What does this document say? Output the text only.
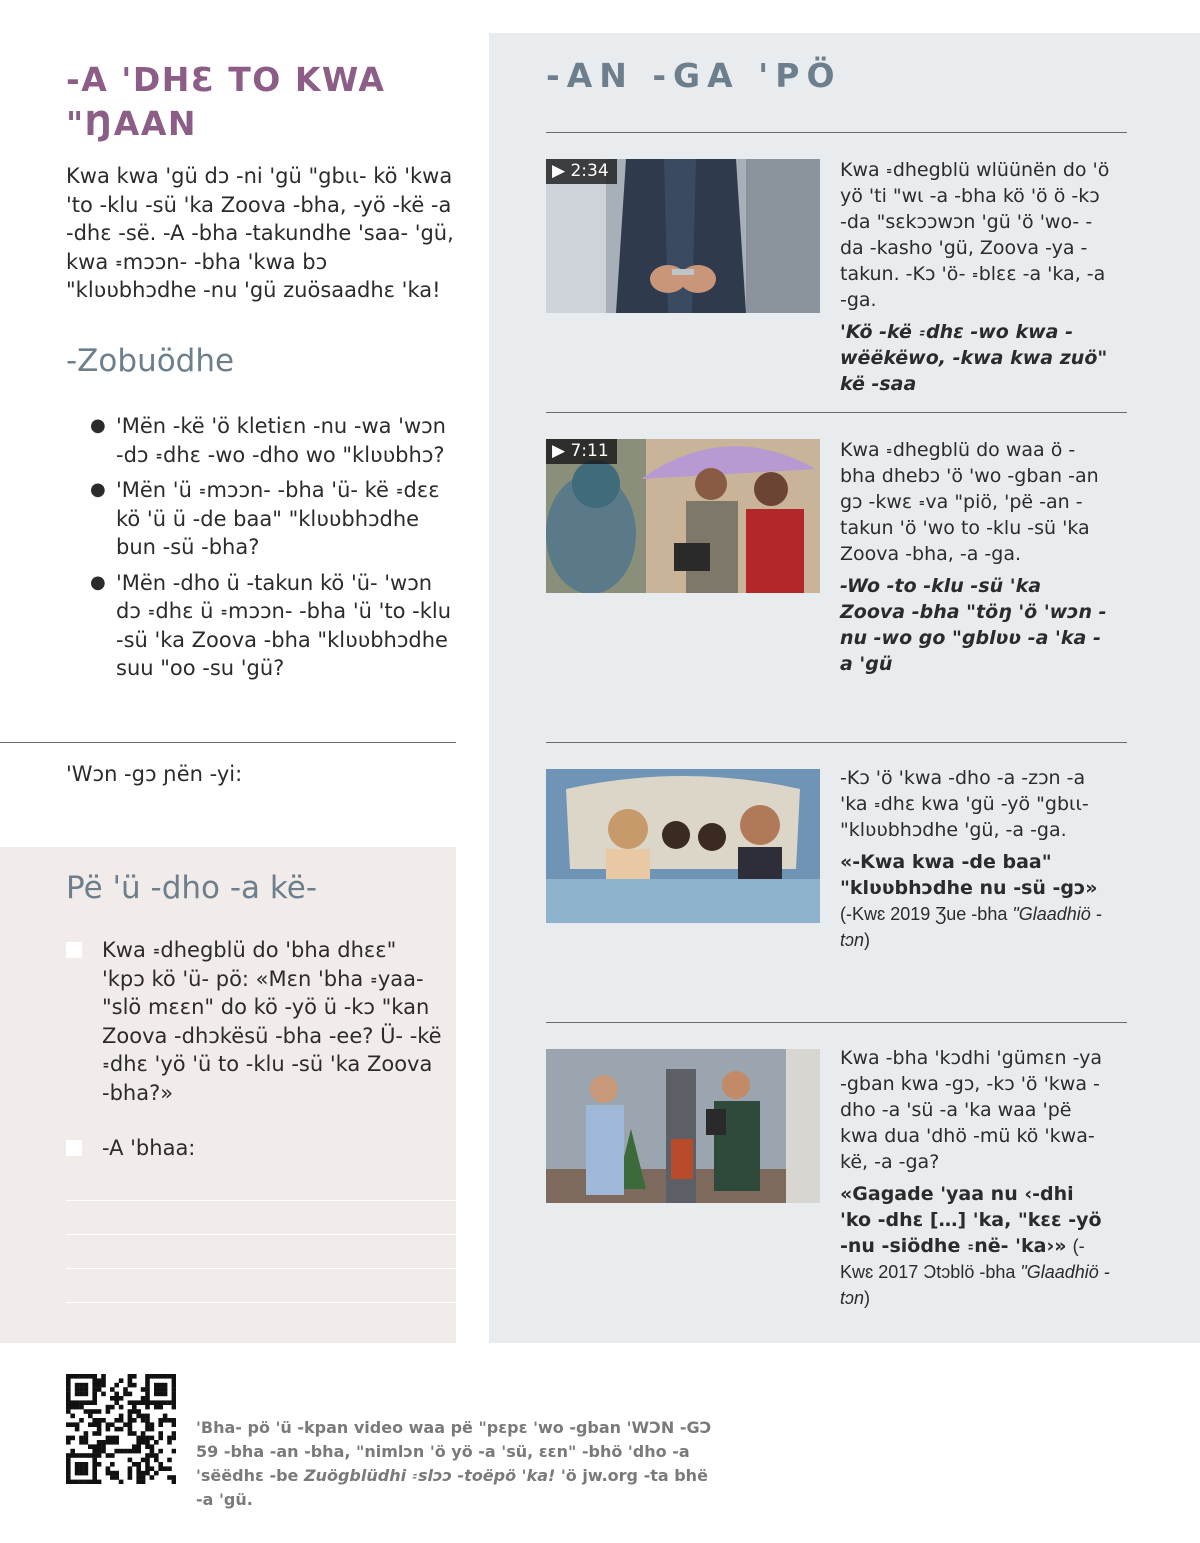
-A 'DHƐ TO KWA "ŊAAN

Kwa kwa 'gü dɔ -ni 'gü "gbɩɩ- kö 'kwa 'to -klu -sü 'ka Zoova -bha, -yö -kë -a -dhɛ -së. -A -bha -takundhe 'saa- 'gü, kwa ꞊mɔɔn- -bha 'kwa bɔ "klʋʋbhɔdhe -nu 'gü zuösaadhɛ 'ka!

-Zobuödhe
● 'Mën -kë 'ö kletiɛn -nu -wa 'wɔn -dɔ ꞊dhɛ -wo -dho wo "klʋʋbhɔ?
● 'Mën 'ü ꞊mɔɔn- -bha 'ü- kë ꞊dɛɛ kö 'ü ü -de baa" "klʋʋbhɔdhe bun -sü -bha?
● 'Mën -dho ü -takun kö 'ü- 'wɔn dɔ ꞊dhɛ ü ꞊mɔɔn- -bha 'ü 'to -klu -sü 'ka Zoova -bha "klʋʋbhɔdhe suu "oo -su 'gü?

'Wɔn -gɔ ɲën -yi:

Pë 'ü -dho -a kë-
Kwa ꞊dhegblü do 'bha dhɛɛ" 'kpɔ kö 'ü- pö: «Mɛn 'bha ꞊yaa- "slö mɛɛn" do kö -yö ü -kɔ "kan Zoova -dhɔkësü -bha -ee? Ü- -kë ꞊dhɛ 'yö 'ü to -klu -sü 'ka Zoova -bha?»
-A 'bhaa:
-AN -GA 'PÖ
▶ 2:34	Kwa ꞊dhegblü wlüünën do 'ö yö 'ti "wɩ -a -bha kö 'ö ö -kɔ -da "sɛkɔɔwɔn 'gü 'ö 'wo- -da -kasho 'gü, Zoova -ya -takun. -Kɔ 'ö- ꞊blɛɛ -a 'ka, -a -ga.
'Kö -kë ꞊dhɛ -wo kwa -wëëkëwo, -kwa kwa zuö" kë -saa
▶ 7:11	Kwa ꞊dhegblü do waa ö -bha dhebɔ 'ö 'wo -gban -an gɔ -kwɛ ꞊va "piö, 'pë -an -takun 'ö 'wo to -klu -sü 'ka Zoova -bha, -a -ga.
-Wo -to -klu -sü 'ka Zoova -bha "töŋ 'ö 'wɔn -nu -wo go "gblʋʋ -a 'ka -a 'gü
-Kɔ 'ö 'kwa -dho -a -zɔn -a 'ka ꞊dhɛ kwa 'gü -yö "gbɩɩ- "klʋʋbhɔdhe 'gü, -a -ga.
«-Kwa kwa -de baa" "klʋʋbhɔdhe nu -sü -gɔ» (-Kwɛ 2019 Ʒue -bha "Glaadhiö -tɔn)
Kwa -bha 'kɔdhi 'gümɛn -ya -gban kwa -gɔ, -kɔ 'ö 'kwa -dho -a 'sü -a 'ka waa 'pë kwa dua 'dhö -mü kö 'kwa- kë, -a -ga?
«Gagade 'yaa nu ‹-dhi 'ko -dhɛ […] 'ka, "kɛɛ -yö -nu -siödhe ꞊në- 'ka›» (-Kwɛ 2017 Ɔtɔblö -bha "Glaadhiö -tɔn)

'Bha- pö 'ü -kpan video waa pë "pɛpɛ 'wo -gban 'WƆN -GƆ 59 -bha -an -bha, "nimlɔn 'ö yö -a 'sü, ɛɛn" -bhö 'dho -a 'sëëdhɛ -be Zuögblüdhi ꞊slɔɔ -toëpö 'ka! 'ö jw.org -ta bhë -a 'gü.
